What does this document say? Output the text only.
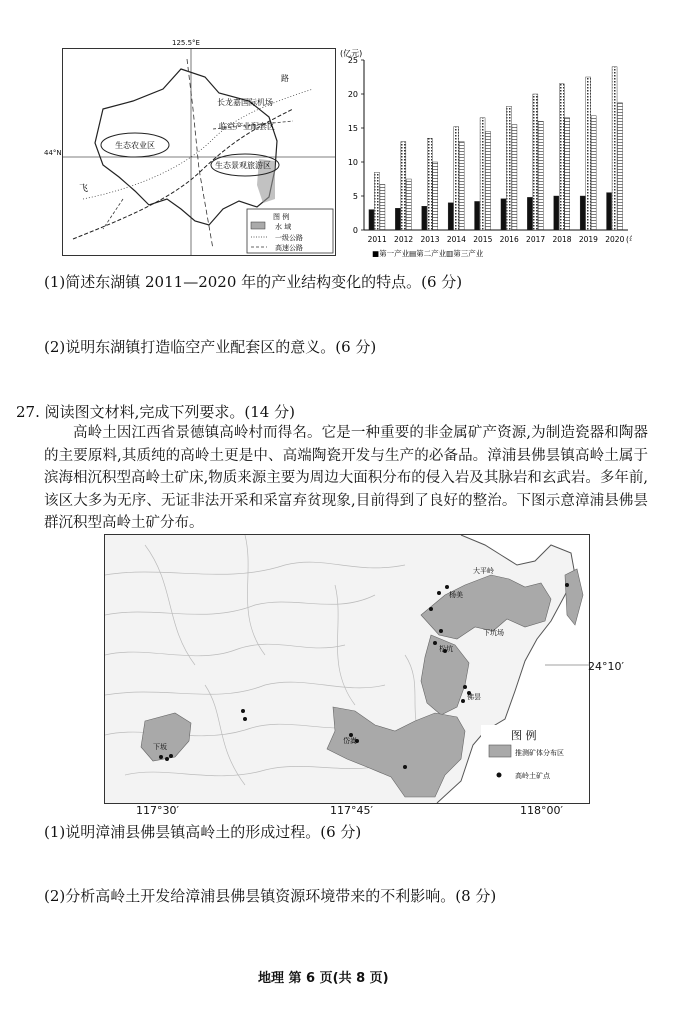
长龙嘉国际机场
生态农业区
临空产业配套区
生态景观旅游区
路
飞
图 例
水 域
一级公路
高速公路
125.5°E
44°N
(亿元)
0
5
10
15
20
25
2011 2012 2013 2014 2015 2016 2017 2018 2019 2020 (
■第一产业▤第二产业▥第三产业
(1)简述东湖镇 2011—2020 年的产业结构变化的特点。(6 分)
(2)说明东湖镇打造临空产业配套区的意义。(6 分)
27. 阅读图文材料,完成下列要求。(14 分)
高岭土因江西省景德镇高岭村而得名。它是一种重要的非金属矿产资源,为制造瓷器和陶器的主要原料,其质纯的高岭土更是中、高端陶瓷开发与生产的必备品。漳浦县佛昙镇高岭土属于滨海相沉积型高岭土矿床,物质来源主要为周边大面积分布的侵入岩及其脉岩和玄武岩。多年前,该区大多为无序、无证非法开采和采富弃贫现象,目前得到了良好的整治。下图示意漳浦县佛昙群沉积型高岭土矿分布。
大平岭
杨美
下坑场
松坑
佛昙
下坂
岱嵩	图 例
推测矿体分布区
高岭土矿点
24°10′
117°30′	117°45′	118°00′
(1)说明漳浦县佛昙镇高岭土的形成过程。(6 分)
(2)分析高岭土开发给漳浦县佛昙镇资源环境带来的不利影响。(8 分)
地理 第 6 页(共 8 页)
